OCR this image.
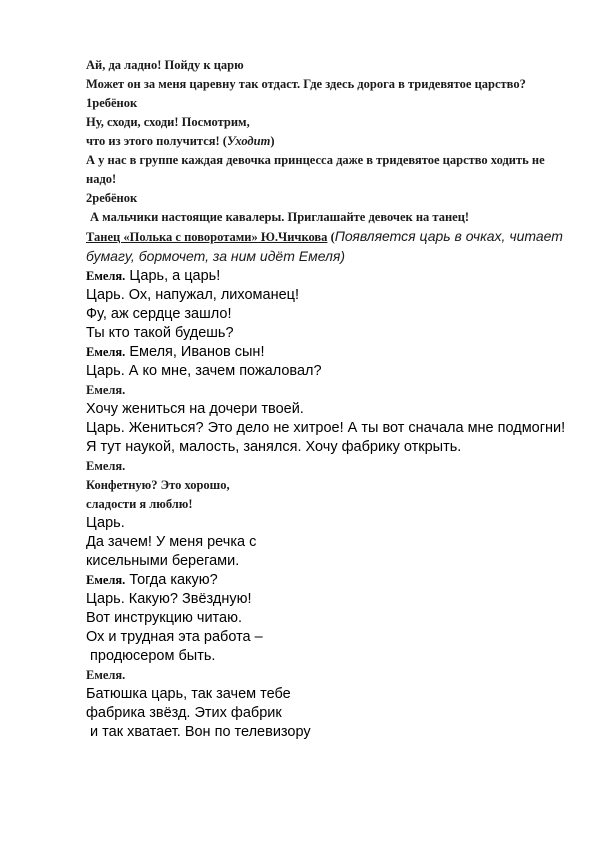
Ай, да ладно! Пойду к царю
Может он за меня царевну так отдаст. Где здесь дорога в тридевятое царство?
1ребёнок
Ну, сходи, сходи! Посмотрим,
что из этого получится! (Уходит)
А у нас в группе каждая девочка принцесса даже в тридевятое царство ходить не надо!
2ребёнок
А мальчики настоящие кавалеры. Приглашайте девочек на танец!
Танец «Полька с поворотами» Ю.Чичкова (Появляется царь в очках, читает бумагу, бормочет, за ним идёт Емеля)
Емеля. Царь, а царь!
Царь. Ох, напужал, лихоманец!
Фу, аж сердце зашло!
Ты кто такой будешь?
Емеля. Емеля, Иванов сын!
Царь. А ко мне, зачем пожаловал?
Емеля.
Хочу жениться на дочери твоей.
Царь. Жениться? Это дело не хитрое! А ты вот сначала мне подмогни! Я тут наукой, малость, занялся. Хочу фабрику открыть.
Емеля.
Конфетную? Это хорошо,
сладости я люблю!
Царь.
Да зачем! У меня речка с
кисельными берегами.
Емеля. Тогда какую?
Царь. Какую? Звёздную!
Вот инструкцию читаю.
Ох и трудная эта работа –
продюсером быть.
Емеля.
Батюшка царь, так зачем тебе
фабрика звёзд. Этих фабрик
и так хватает. Вон по телевизору
